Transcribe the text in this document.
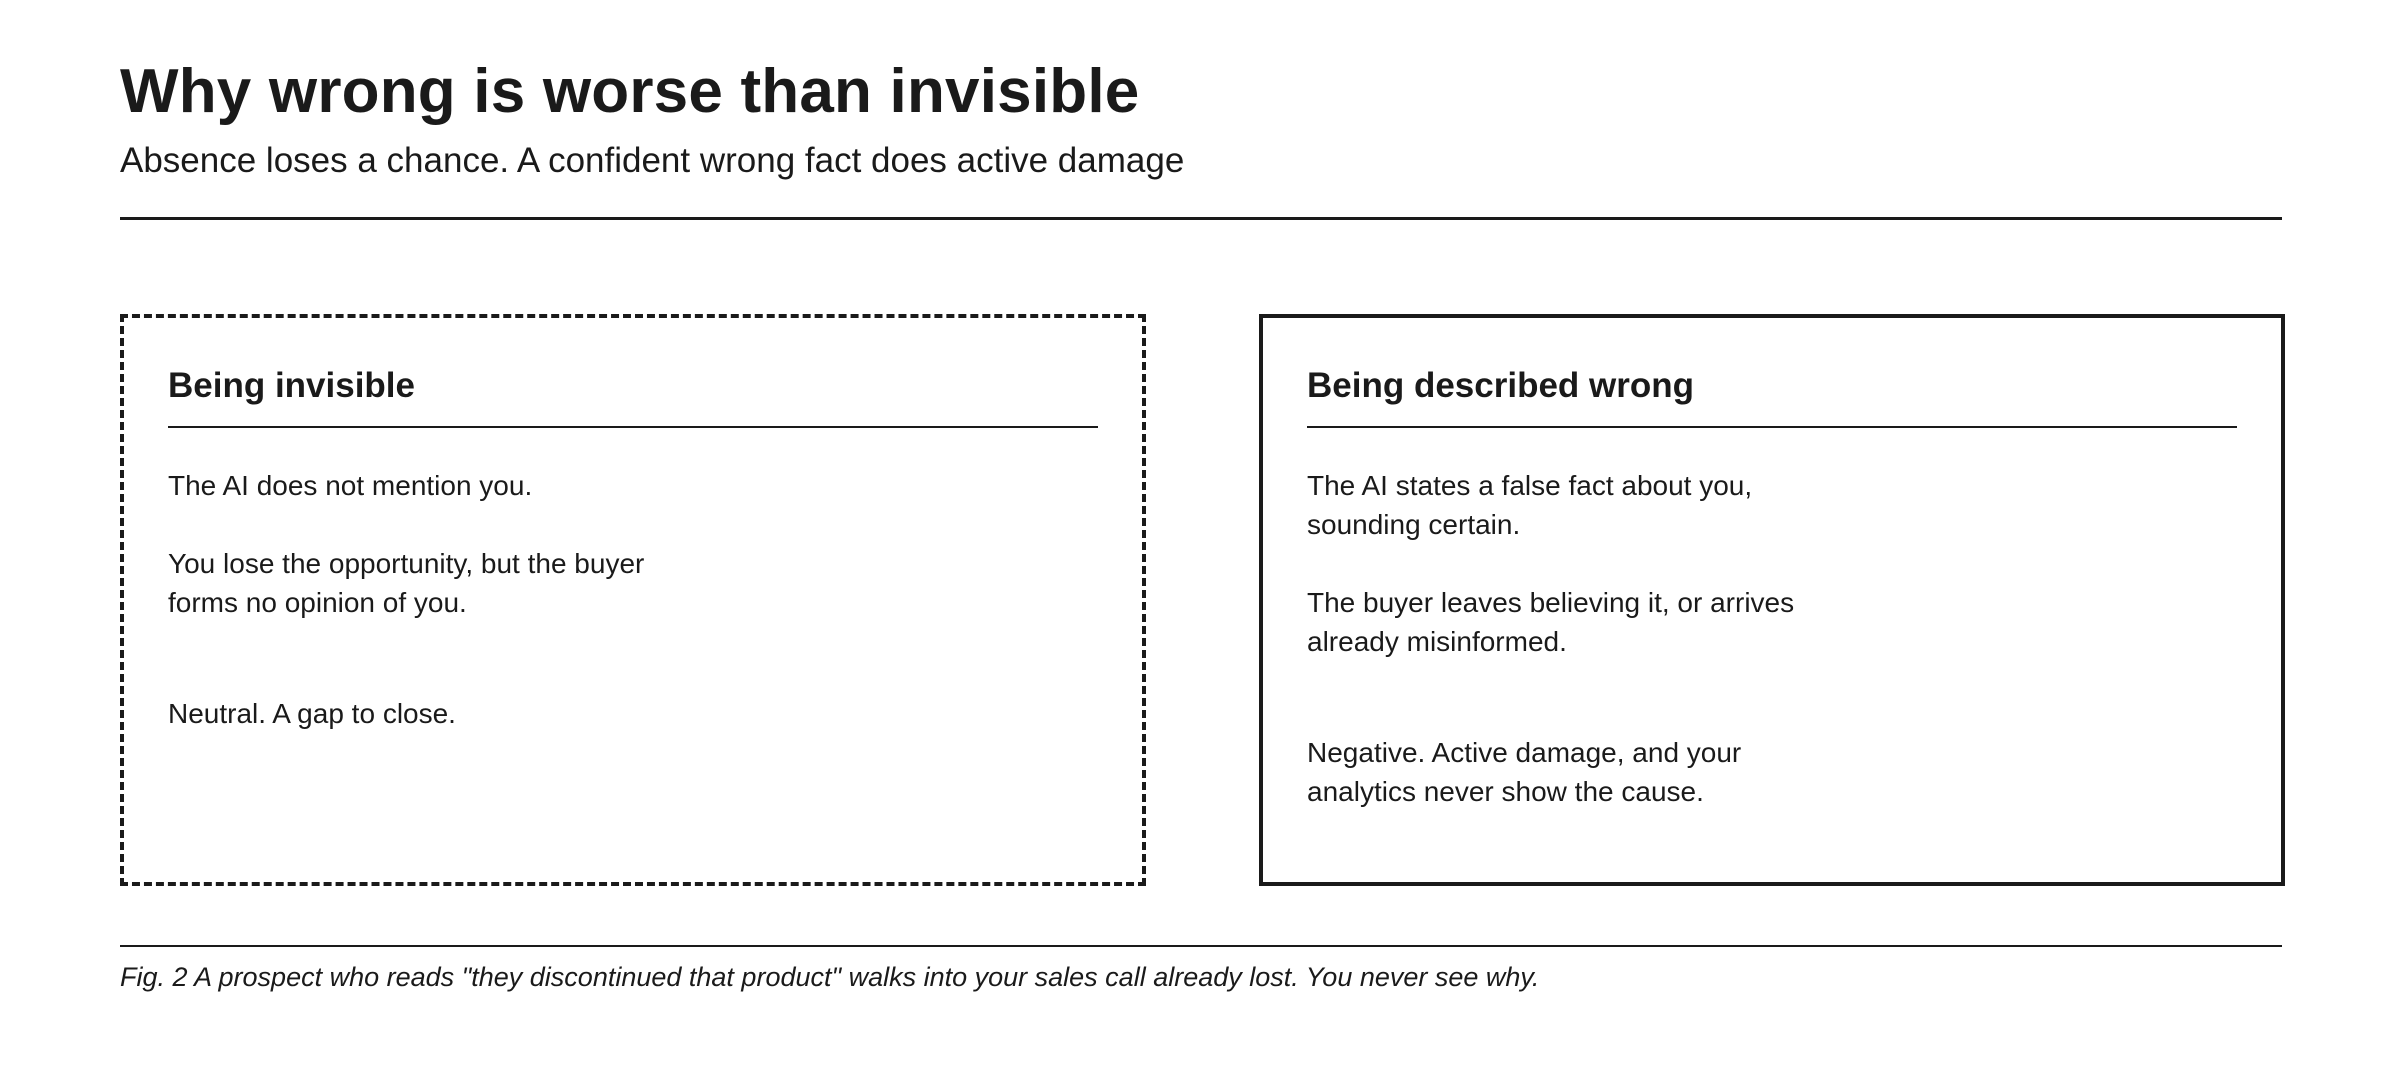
Why wrong is worse than invisible

Absence loses a chance. A confident wrong fact does active damage

Being invisible

The AI does not mention you.

You lose the opportunity, but the buyer forms no opinion of you.

Neutral. A gap to close.

Being described wrong

The AI states a false fact about you, sounding certain.

The buyer leaves believing it, or arrives already misinformed.

Negative. Active damage, and your analytics never show the cause.

Fig. 2 A prospect who reads "they discontinued that product" walks into your sales call already lost. You never see why.
